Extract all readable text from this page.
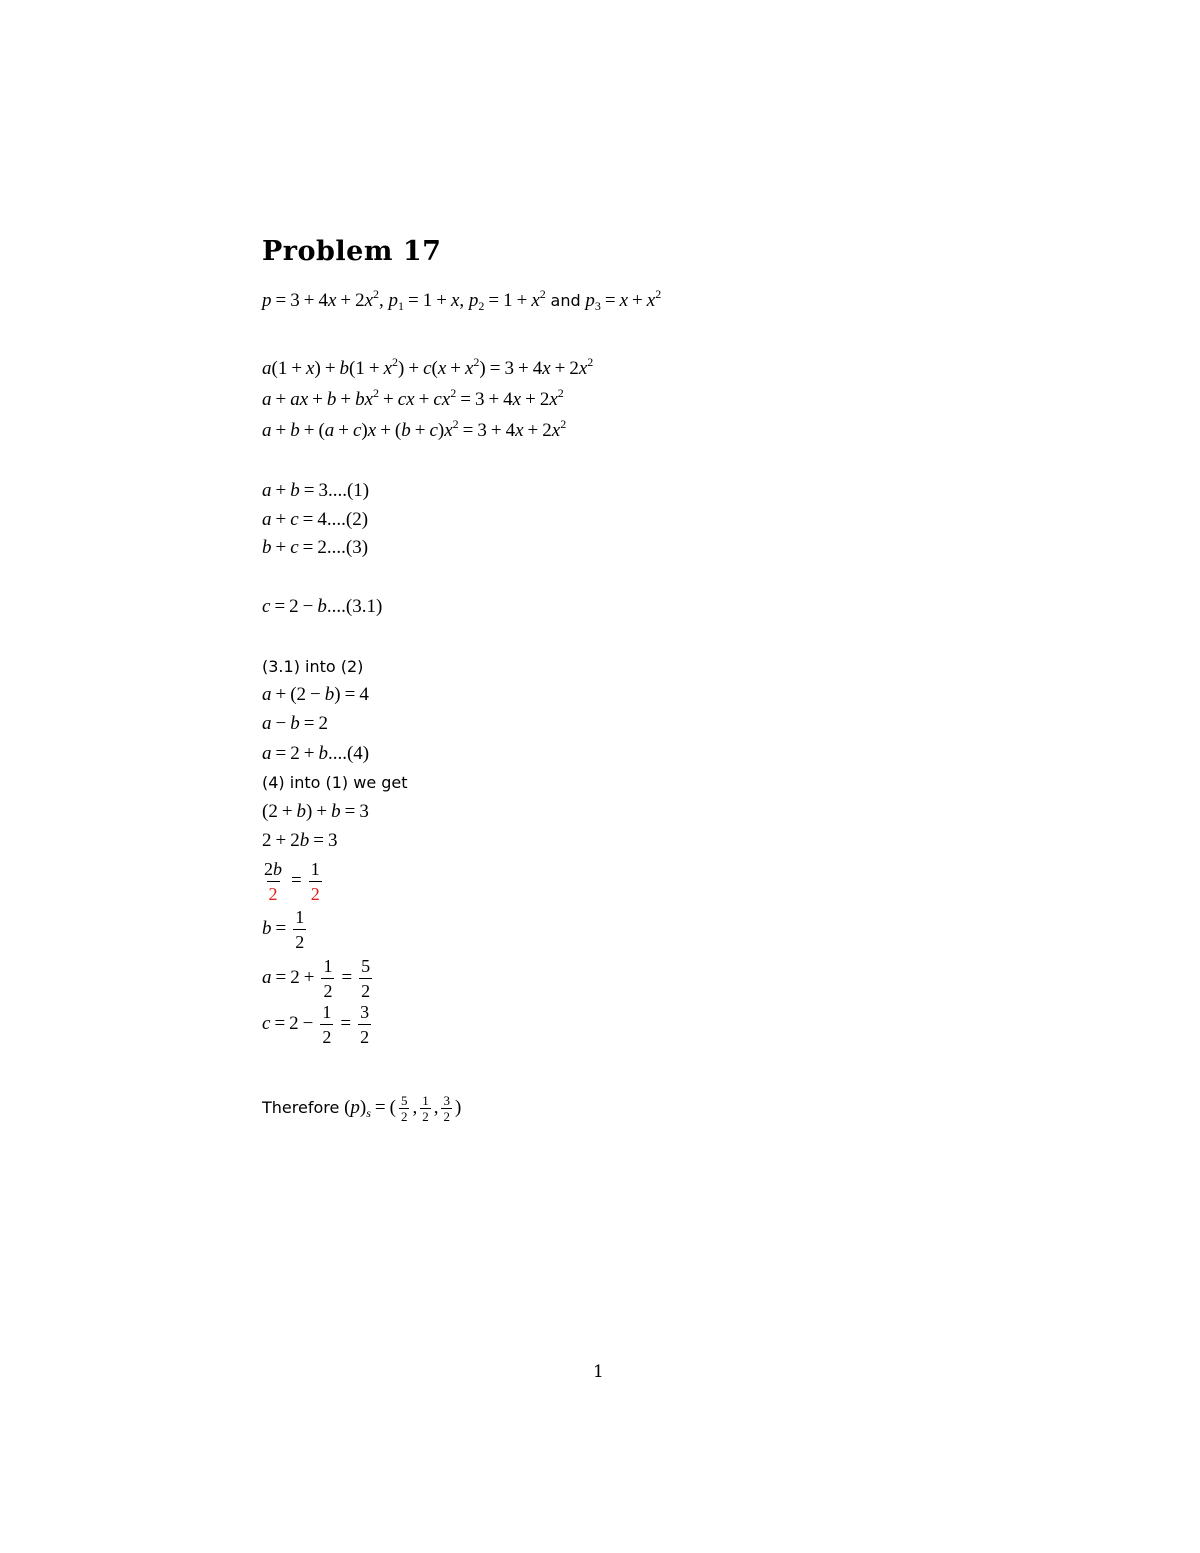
Problem 17
$p = 3 + 4x + 2x^2$, $p_1 = 1 + x$, $p_2 = 1 + x^2$ and $p_3 = x + x^2$
$a(1 + x) + b(1 + x^2) + c(x + x^2) = 3 + 4x + 2x^2$
a + ax + $b + bx^2$ + cx + $cx^2 = 3 + 4x + 2x^2$
$a + b + (a + c)x + (b + c)x^2 = 3 + 4x + 2x^2$
a + b = 3....(1)
a + c = 4....(2)
b + c = 2....(3)
c = 2 − b....(3.1)
(3.1) into (2)
a + (2 − b) = 4
a − b = 2
a = 2 + b....(4)
(4) into (1) we get
(2 + b) + b = 3
2 + 2b = 3
$\frac{2b}{2} = \frac{1}{2}$
$b = \frac{1}{2}$
$a = 2 + \frac{1}{2} = \frac{5}{2}$
$c = 2 - \frac{1}{2} = \frac{3}{2}$
Therefore $(p)_s$ = ( $\frac{5}{2}$ , $\frac{1}{2}$ , $\frac{3}{2}$ )
1
